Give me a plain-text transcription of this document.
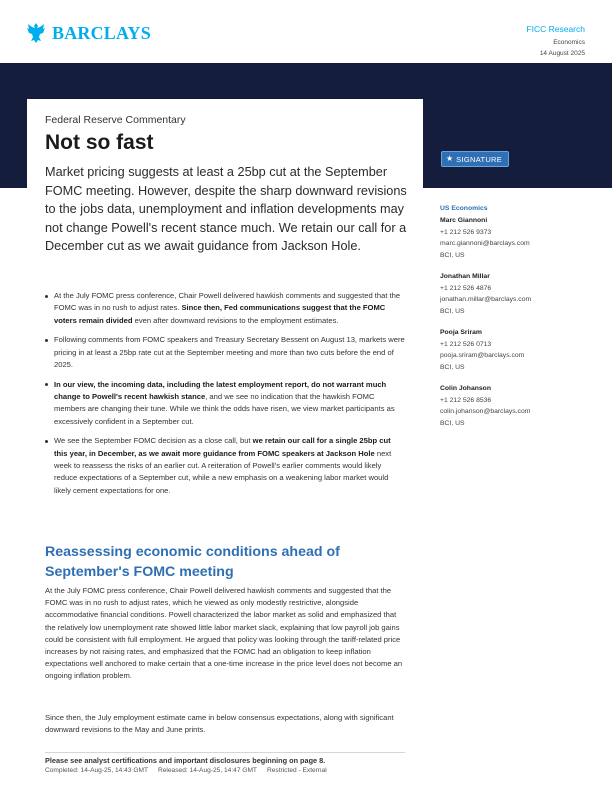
BARCLAYS	FICC Research
Economics
14 August 2025
Federal Reserve Commentary
Not so fast

Market pricing suggests at least a 25bp cut at the September FOMC meeting. However, despite the sharp downward revisions to the jobs data, unemployment and inflation developments may not change Powell's recent stance much. We retain our call for a December cut as we await guidance from Jackson Hole.

★ SIGNATURE
US Economics
Marc Giannoni
+1 212 526 9373
marc.giannoni@barclays.com
BCI, US
Jonathan Millar
+1 212 526 4876
jonathan.millar@barclays.com
BCI, US
Pooja Sriram
+1 212 526 0713
pooja.sriram@barclays.com
BCI, US
Colin Johanson
+1 212 526 8536
colin.johanson@barclays.com
BCI, US
At the July FOMC press conference, Chair Powell delivered hawkish comments and suggested that the FOMC was in no rush to adjust rates. Since then, Fed communications suggest that the FOMC voters remain divided even after downward revisions to the employment estimates.
Following comments from FOMC speakers and Treasury Secretary Bessent on August 13, markets were pricing in at least a 25bp rate cut at the September meeting and more than two cuts before the end of 2025.
In our view, the incoming data, including the latest employment report, do not warrant much change to Powell's recent hawkish stance, and we see no indication that the hawkish FOMC members are changing their tune. While we think the odds have risen, we view market participants as excessively confident in a September cut.
We see the September FOMC decision as a close call, but we retain our call for a single 25bp cut this year, in December, as we await more guidance from FOMC speakers at Jackson Hole next week to reassess the risks of an earlier cut. A reiteration of Powell's earlier comments would likely reduce expectations of a September cut, while a new emphasis on a weakening labor market would likely cement expectations for one.
Reassessing economic conditions ahead of September's FOMC meeting

At the July FOMC press conference, Chair Powell delivered hawkish comments and suggested that the FOMC was in no rush to adjust rates, which he viewed as only modestly restrictive, alongside accommodative financial conditions. Powell characterized the labor market as solid and emphasized that the relatively low unemployment rate showed little labor market slack, explaining that low payroll job gains could be consistent with full employment. He argued that policy was looking through the tariff-related price increases by not raising rates, and emphasized that the FOMC had an obligation to keep inflation expectations well anchored to make certain that a one-time increase in the price level does not become an ongoing inflation problem.

Since then, the July employment estimate came in below consensus expectations, along with significant downward revisions to the May and June prints.

Please see analyst certifications and important disclosures beginning on page 8.
Completed: 14-Aug-25, 14:43 GMT Released: 14-Aug-25, 14:47 GMT Restricted - External
